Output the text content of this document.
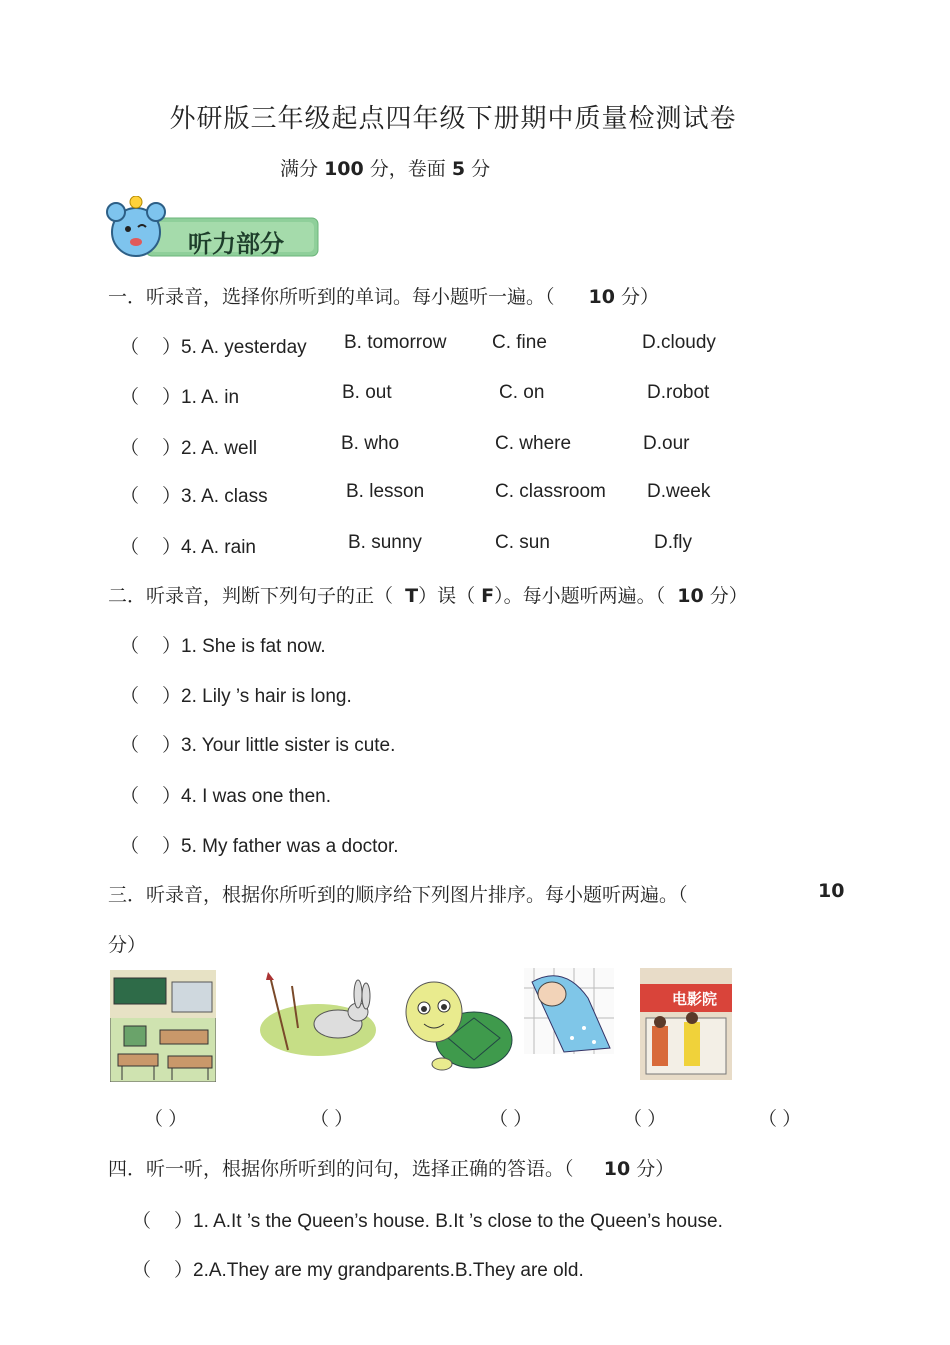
外研版三年级起点四年级下册期中质量检测试卷
满分 100 分，卷面 5 分
听力部分
一．听录音，选择你所听到的单词。每小题听一遍。（ 10 分）
（ ）5. A. yesterday B. tomorrow C. fine	D.cloudy
（ ）1. A. in	B. out	C. on	D.robot
（ ）2. A. well	B. who	C. where	D.our
（ ）3. A. class	B. lesson	C. classroom D.week
（ ）4. A. rain	B. sunny	C. sun	D.fly
二．听录音，判断下列句子的正（ T）误（ F）。每小题听两遍。（ 10 分）
（ ）1. She is fat now.
（ ）2. Lily ’s hair is long.
（ ）3. Your little sister is cute.
（ ）4. I was one then.
（ ）5. My father was a doctor.
三．听录音，根据你所听到的顺序给下列图片排序。每小题听两遍。（	10
分）
电影院
（ ）	（ ）	（ ）	（ ）	（ ）
四．听一听，根据你所听到的问句，选择正确的答语。（ 10 分）
（ ）1. A.It ’s the Queen’s house. B.It ’s close to the Queen’s house.
（ ）2.A.They are my grandparents.B.They are old.
